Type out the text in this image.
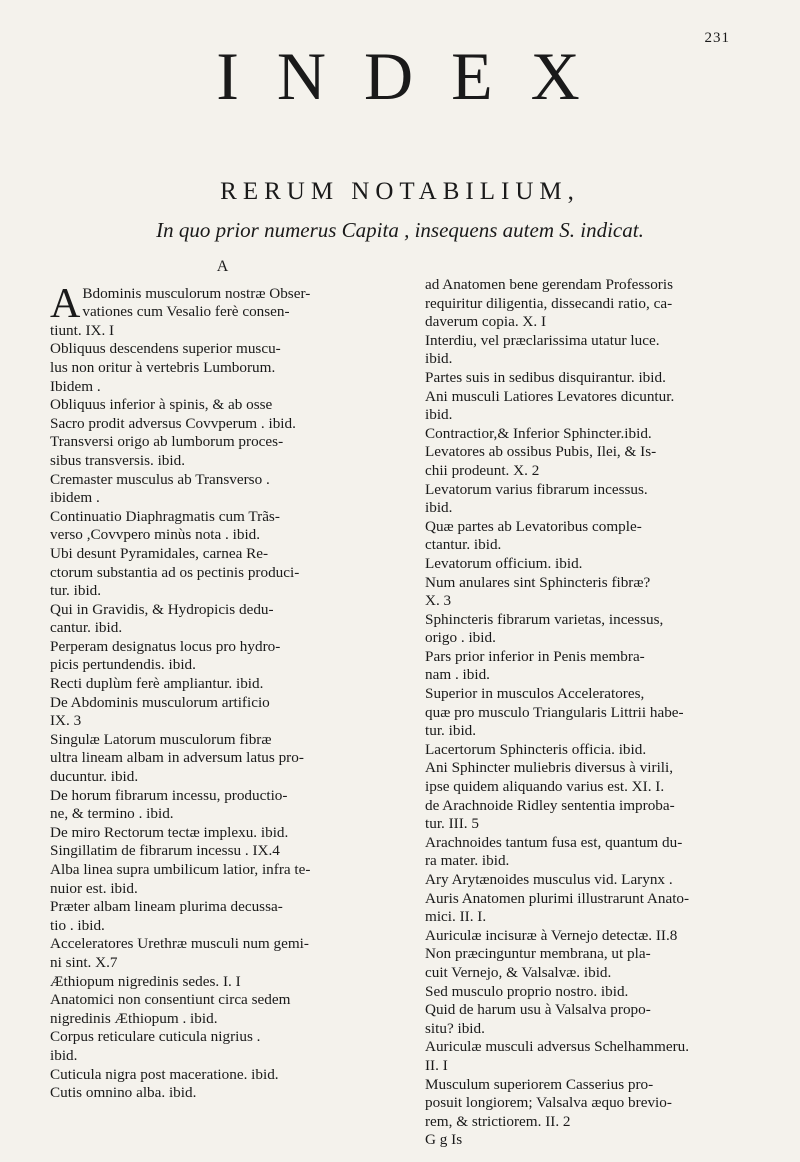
231
INDEX
RERUM NOTABILIUM,
In quo prior numerus Capita , insequens autem S. indicat.
A
A Bdominis musculorum nostræ Obser-
vationes cum Vesalio ferè consen-
tiunt. IX. I
Obliquus descendens superior muscu-
lus non oritur à vertebris Lumborum.
Ibidem .
Obliquus inferior à spinis, & ab osse
Sacro prodit adversus Covvperum . ibid.
Transversi origo ab lumborum proces-
sibus transversis. ibid.
Cremaster musculus ab Transverso .
ibidem .
Continuatio Diaphragmatis cum Trãs-
verso ,Covvpero minùs nota . ibid.
Ubi desunt Pyramidales, carnea Re-
ctorum substantia ad os pectinis produci-
tur. ibid.
Qui in Gravidis, & Hydropicis dedu-
cantur. ibid.
Perperam designatus locus pro hydro-
picis pertundendis. ibid.
Recti duplùm ferè ampliantur. ibid.
De Abdominis musculorum artificio
IX. 3
Singulæ Latorum musculorum fibræ
ultra lineam albam in adversum latus pro-
ducuntur. ibid.
De horum fibrarum incessu, productio-
ne, & termino . ibid.
De miro Rectorum tectæ implexu. ibid.
Singillatim de fibrarum incessu . IX.4
Alba linea supra umbilicum latior, infra te-
nuior est. ibid.
Præter albam lineam plurima decussa-
tio . ibid.
Acceleratores Urethræ musculi num gemi-
ni sint. X.7
Æthiopum nigredinis sedes. I. I
Anatomici non consentiunt circa sedem
nigredinis Æthiopum . ibid.
Corpus reticulare cuticula nigrius .
ibid.
Cuticula nigra post maceratione. ibid.
Cutis omnino alba. ibid.
ad Anatomen bene gerendam Professoris
requiritur diligentia, dissecandi ratio, ca-
daverum copia. X. I
Interdiu, vel præclarissima utatur luce.
ibid.
Partes suis in sedibus disquirantur. ibid.
Ani musculi Latiores Levatores dicuntur.
ibid.
Contractior,& Inferior Sphincter.ibid.
Levatores ab ossibus Pubis, Ilei, & Is-
chii prodeunt. X. 2
Levatorum varius fibrarum incessus.
ibid.
Quæ partes ab Levatoribus comple-
ctantur. ibid.
Levatorum officium. ibid.
Num anulares sint Sphincteris fibræ?
X. 3
Sphincteris fibrarum varietas, incessus,
origo . ibid.
Pars prior inferior in Penis membra-
nam . ibid.
Superior in musculos Acceleratores,
quæ pro musculo Triangularis Littrii habe-
tur. ibid.
Lacertorum Sphincteris officia. ibid.
Ani Sphincter muliebris diversus à virili,
ipse quidem aliquando varius est. XI. I.
de Arachnoide Ridley sententia improba-
tur. III. 5
Arachnoides tantum fusa est, quantum du-
ra mater. ibid.
Ary Arytænoides musculus vid. Larynx .
Auris Anatomen plurimi illustrarunt Anato-
mici. II. I.
Auriculæ incisuræ à Vernejo detectæ. II.8
Non præcinguntur membrana, ut pla-
cuit Vernejo, & Valsalvæ. ibid.
Sed musculo proprio nostro. ibid.
Quid de harum usu à Valsalva propo-
situ? ibid.
Auriculæ musculi adversus Schelhammeru.
II. I
Musculum superiorem Casserius pro-
posuit longiorem; Valsalva æquo brevio-
rem, & strictiorem. II. 2
G g Is
